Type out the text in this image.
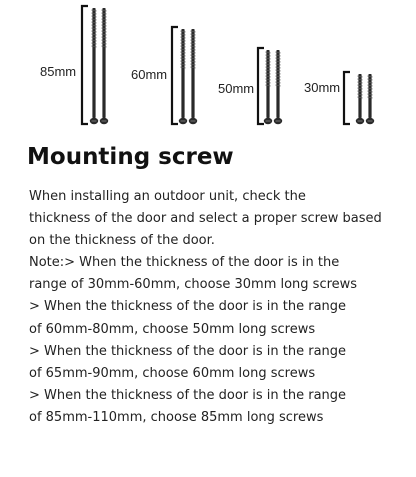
85mm	60mm
50mm	30mm
Mounting screw
When installing an outdoor unit, check the
thickness of the door and select a proper screw based
on the thickness of the door.
Note:> When the thickness of the door is in the
range of 30mm-60mm, choose 30mm long screws
> When the thickness of the door is in the range
of 60mm-80mm, choose 50mm long screws
> When the thickness of the door is in the range
of 65mm-90mm, choose 60mm long screws
> When the thickness of the door is in the range
of 85mm-110mm, choose 85mm long screws
